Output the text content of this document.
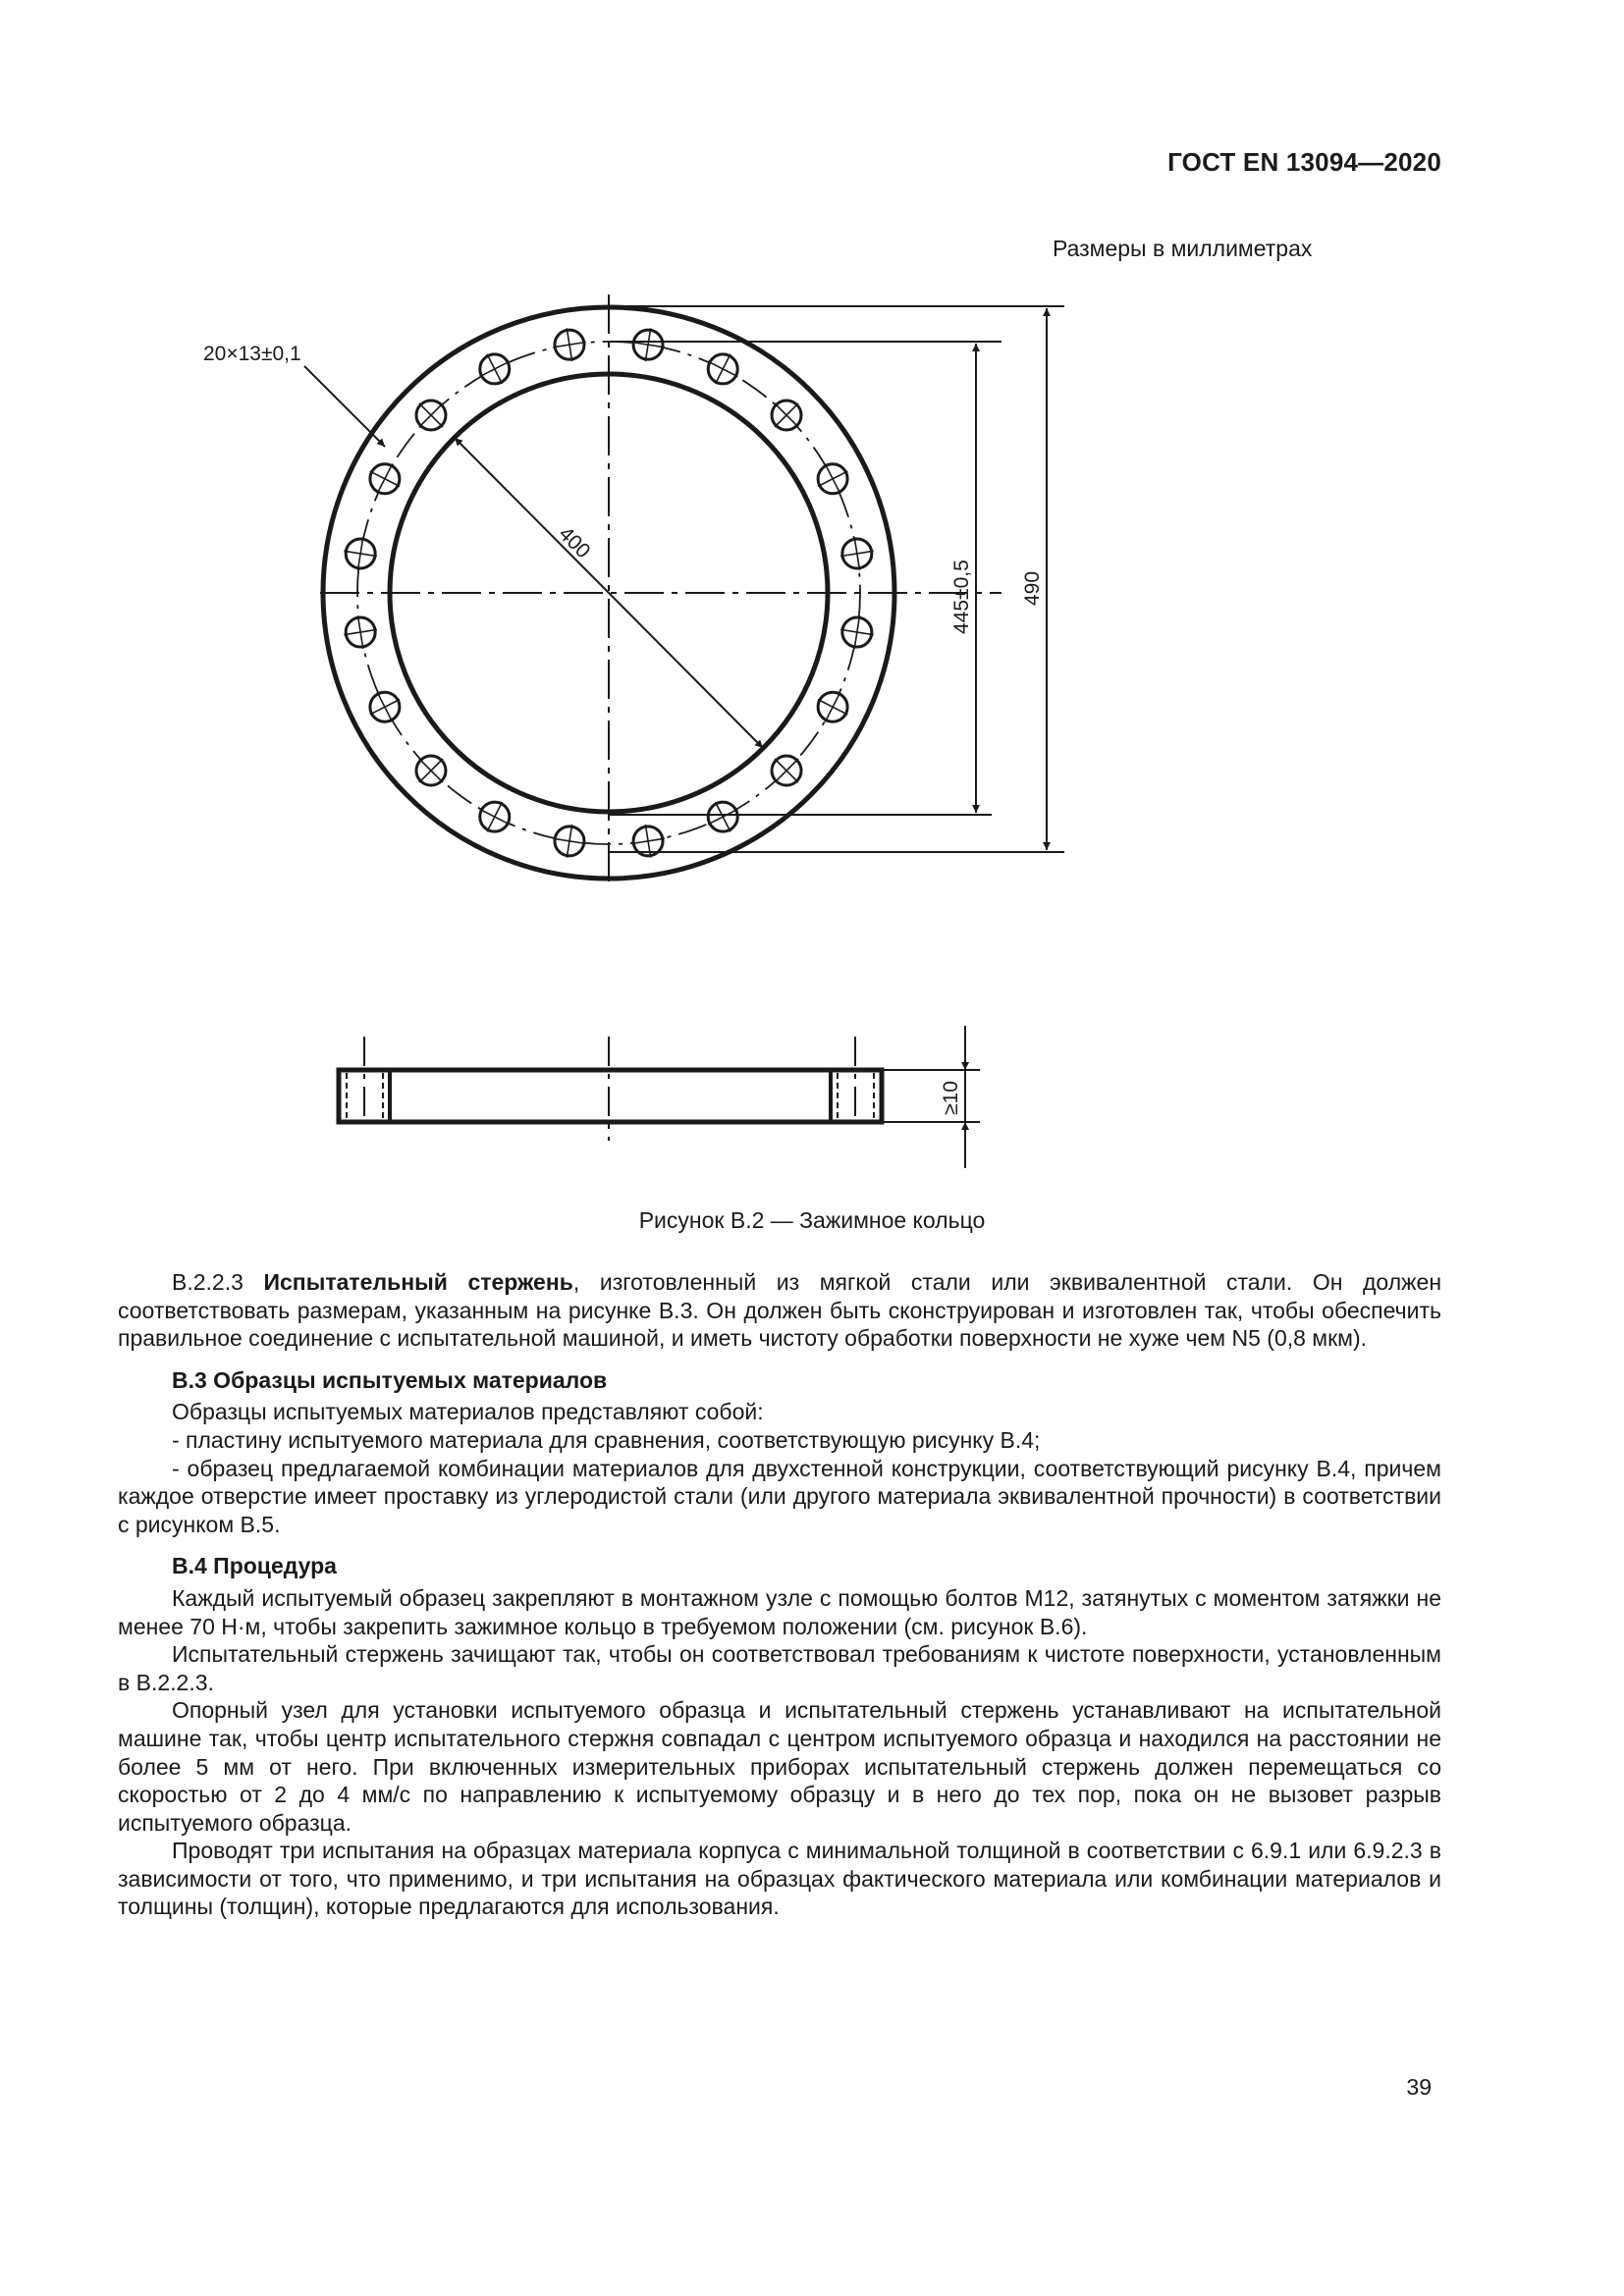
ГОСТ EN 13094—2020
Размеры в миллиметрах
20×13±0,1
400
445±0,5 490
≥10
Рисунок В.2 — Зажимное кольцо

В.2.2.3 Испытательный стержень, изготовленный из мягкой стали или эквивалентной стали. Он должен соответствовать размерам, указанным на рисунке В.3. Он должен быть сконструирован и изготовлен так, чтобы обеспечить правильное соединение с испытательной машиной, и иметь чистоту обработки поверхности не хуже чем N5 (0,8 мкм).

В.3 Образцы испытуемых материалов

Образцы испытуемых материалов представляют собой:

- пластину испытуемого материала для сравнения, соответствующую рисунку В.4;

- образец предлагаемой комбинации материалов для двухстенной конструкции, соответствующий рисунку В.4, причем каждое отверстие имеет проставку из углеродистой стали (или другого материала эквивалентной прочности) в соответствии с рисунком В.5.

В.4 Процедура

Каждый испытуемый образец закрепляют в монтажном узле с помощью болтов М12, затянутых с моментом затяжки не менее 70 Н·м, чтобы закрепить зажимное кольцо в требуемом положении (см. рисунок В.6).

Испытательный стержень зачищают так, чтобы он соответствовал требованиям к чистоте поверхности, установленным в В.2.2.3.

Опорный узел для установки испытуемого образца и испытательный стержень устанавливают на испытательной машине так, чтобы центр испытательного стержня совпадал с центром испытуемого образца и находился на расстоянии не более 5 мм от него. При включенных измерительных приборах испытательный стержень должен перемещаться со скоростью от 2 до 4 мм/с по направлению к испытуемому образцу и в него до тех пор, пока он не вызовет разрыв испытуемого образца.

Проводят три испытания на образцах материала корпуса с минимальной толщиной в соответствии с 6.9.1 или 6.9.2.3 в зависимости от того, что применимо, и три испытания на образцах фактического материала или комбинации материалов и толщины (толщин), которые предлагаются для использования.

39
